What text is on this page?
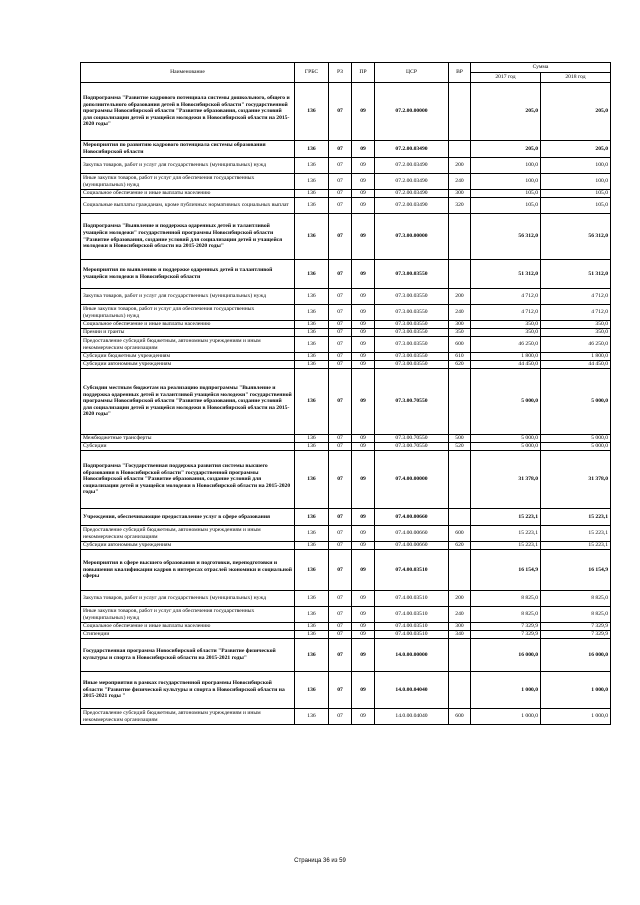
Наименование	ГРБС	РЗ	ПР	ЦСР	ВР	Сумма	
						2017 год	2018 год
Подпрограмма "Развитие кадрового потенциала системы дошкольного, общего и дополнительного образования детей в Новосибирской области" государственной программы Новосибирской области "Развитие образования, создание условий для социализации детей и учащейся молодежи в Новосибирской области на 2015-2020 годы"	136	07	09	07.2.00.00000		205,0	205,0
Мероприятия по развитию кадрового потенциала системы образования Новосибирской области	136	07	09	07.2.00.03490		205,0	205,0
Закупка товаров, работ и услуг для государственных (муниципальных) нужд	136	07	09	07.2.00.03490	200	100,0	100,0
Иные закупки товаров, работ и услуг для обеспечения государственных (муниципальных) нужд	136	07	09	07.2.00.03490	240	100,0	100,0
Социальное обеспечение и иные выплаты населению	136	07	09	07.2.00.03490	300	105,0	105,0
Социальные выплаты гражданам, кроме публичных нормативных социальных выплат	136	07	09	07.2.00.03490	320	105,0	105,0
Подпрограмма "Выявление и поддержка одаренных детей и талантливой учащейся молодежи" государственной программы Новосибирской области "Развитие образования, создание условий для социализации детей и учащейся молодежи в Новосибирской области на 2015-2020 годы"	136	07	09	07.3.00.00000		56 312,0	56 312,0
Мероприятия по выявлению и поддержке одаренных детей и талантливой учащейся молодежи в Новосибирской области	136	07	09	07.3.00.03550		51 312,0	51 312,0
Закупка товаров, работ и услуг для государственных (муниципальных) нужд	136	07	09	07.3.00.03550	200	4 712,0	4 712,0
Иные закупки товаров, работ и услуг для обеспечения государственных (муниципальных) нужд	136	07	09	07.3.00.03550	240	4 712,0	4 712,0
Социальное обеспечение и иные выплаты населению	136	07	09	07.3.00.03550	300	350,0	350,0
Премии и гранты	136	07	09	07.3.00.03550	350	350,0	350,0
Предоставление субсидий бюджетным, автономным учреждениям и иным некоммерческим организациям	136	07	09	07.3.00.03550	600	46 250,0	46 250,0
Субсидии бюджетным учреждениям	136	07	09	07.3.00.03550	610	1 800,0	1 800,0
Субсидии автономным учреждениям	136	07	09	07.3.00.03550	620	44 450,0	44 450,0
Субсидии местным бюджетам на реализацию подпрограммы "Выявление и поддержка одаренных детей и талантливой учащейся молодежи" государственной программы Новосибирской области "Развитие образования, создание условий для социализации детей и учащейся молодежи в Новосибирской области на 2015-2020 годы"	136	07	09	07.3.00.70550		5 000,0	5 000,0
Межбюджетные трансферты	136	07	09	07.3.00.70550	500	5 000,0	5 000,0
Субсидии	136	07	09	07.3.00.70550	520	5 000,0	5 000,0
Подпрограмма "Государственная поддержка развития системы высшего образования в Новосибирской области" государственной программы Новосибирской области "Развитие образования, создание условий для социализации детей и учащейся молодежи в Новосибирской области на 2015-2020 годы"	136	07	09	07.4.00.00000		31 378,0	31 378,0
Учреждения, обеспечивающие предоставление услуг в сфере образования	136	07	09	07.4.00.00660		15 223,1	15 223,1
Предоставление субсидий бюджетным, автономным учреждениям и иным некоммерческим организациям	136	07	09	07.4.00.00660	600	15 223,1	15 223,1
Субсидии автономным учреждениям	136	07	09	07.4.00.00660	620	15 223,1	15 223,1
Мероприятия в сфере высшего образования и подготовки, переподготовки и повышения квалификации кадров в интересах отраслей экономики и социальной сферы	136	07	09	07.4.00.03510		16 154,9	16 154,9
Закупка товаров, работ и услуг для государственных (муниципальных) нужд	136	07	09	07.4.00.03510	200	8 825,0	8 825,0
Иные закупки товаров, работ и услуг для обеспечения государственных (муниципальных) нужд	136	07	09	07.4.00.03510	240	8 825,0	8 825,0
Социальное обеспечение и иные выплаты населению	136	07	09	07.4.00.03510	300	7 329,9	7 329,9
Стипендии	136	07	09	07.4.00.03510	340	7 329,9	7 329,9
Государственная программа Новосибирской области "Развитие физической культуры и спорта в Новосибирской области на 2015-2021 годы"	136	07	09	14.0.00.00000		16 000,0	16 000,0
Иные мероприятия в рамках государственной программы Новосибирской области "Развитие физической культуры и спорта в Новосибирской области на 2015-2021 годы "	136	07	09	14.0.00.04040		1 000,0	1 000,0
Предоставление субсидий бюджетным, автономным учреждениям и иным некоммерческим организациям	136	07	09	14.0.00.04040	600	1 000,0	1 000,0
Страница 36 из 59
